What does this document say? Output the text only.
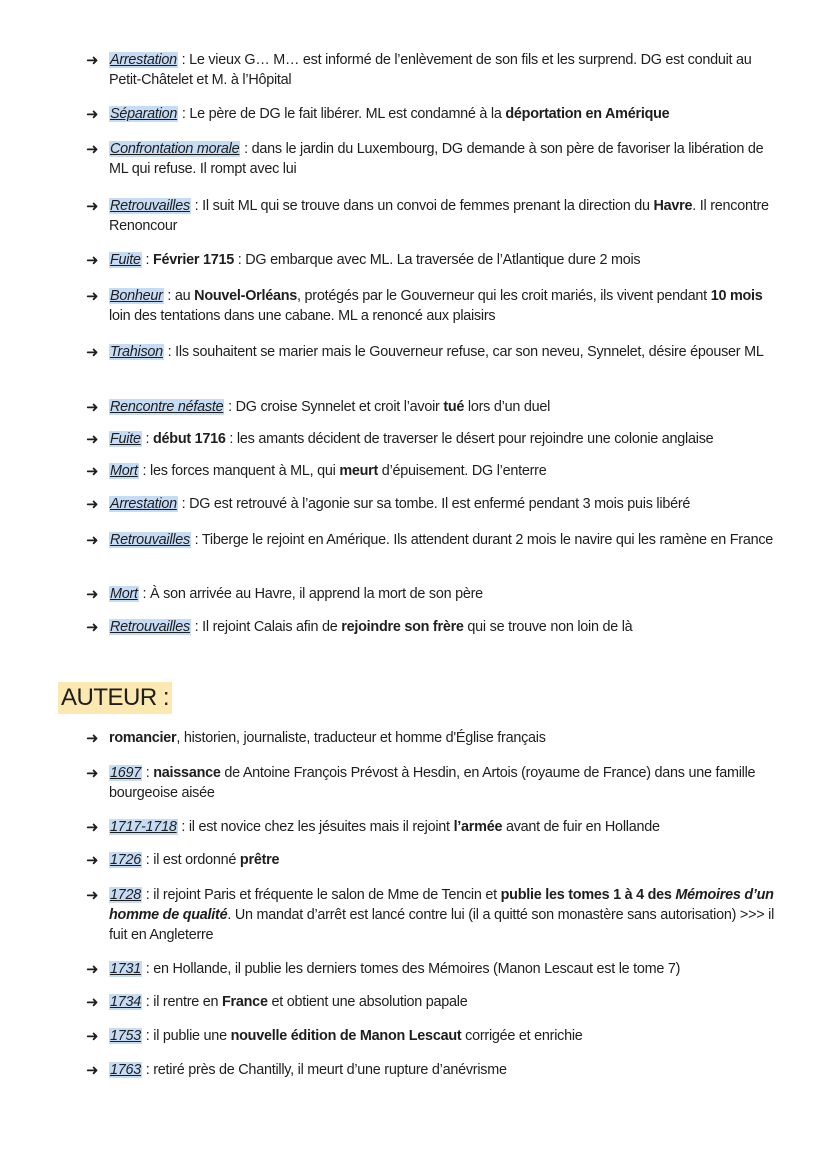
➜ Arrestation : Le vieux G… M… est informé de l’enlèvement de son fils et les surprend. DG est conduit au Petit-Châtelet et M. à l’Hôpital
➜ Séparation : Le père de DG le fait libérer. ML est condamné à la déportation en Amérique
➜ Confrontation morale : dans le jardin du Luxembourg, DG demande à son père de favoriser la libération de ML qui refuse. Il rompt avec lui
➜ Retrouvailles : Il suit ML qui se trouve dans un convoi de femmes prenant la direction du Havre. Il rencontre Renoncour
➜ Fuite : Février 1715 : DG embarque avec ML. La traversée de l’Atlantique dure 2 mois
➜ Bonheur : au Nouvel-Orléans, protégés par le Gouverneur qui les croit mariés, ils vivent pendant 10 mois loin des tentations dans une cabane. ML a renoncé aux plaisirs
➜ Trahison : Ils souhaitent se marier mais le Gouverneur refuse, car son neveu, Synnelet, désire épouser ML
➜ Rencontre néfaste : DG croise Synnelet et croit l’avoir tué lors d’un duel
➜ Fuite : début 1716 : les amants décident de traverser le désert pour rejoindre une colonie anglaise
➜ Mort : les forces manquent à ML, qui meurt d’épuisement. DG l’enterre
➜ Arrestation : DG est retrouvé à l’agonie sur sa tombe. Il est enfermé pendant 3 mois puis libéré
➜ Retrouvailles : Tiberge le rejoint en Amérique. Ils attendent durant 2 mois le navire qui les ramène en France
➜ Mort : À son arrivée au Havre, il apprend la mort de son père
➜ Retrouvailles : Il rejoint Calais afin de rejoindre son frère qui se trouve non loin de là
AUTEUR :
➜ romancier, historien, journaliste, traducteur et homme d'Église français
➜ 1697 : naissance de Antoine François Prévost à Hesdin, en Artois (royaume de France) dans une famille bourgeoise aisée
➜ 1717-1718 : il est novice chez les jésuites mais il rejoint l’armée avant de fuir en Hollande
➜ 1726 : il est ordonné prêtre
➜ 1728 : il rejoint Paris et fréquente le salon de Mme de Tencin et publie les tomes 1 à 4 des Mémoires d’un homme de qualité. Un mandat d’arrêt est lancé contre lui (il a quitté son monastère sans autorisation) >>> il fuit en Angleterre
➜ 1731 : en Hollande, il publie les derniers tomes des Mémoires (Manon Lescaut est le tome 7)
➜ 1734 : il rentre en France et obtient une absolution papale
➜ 1753 : il publie une nouvelle édition de Manon Lescaut corrigée et enrichie
➜ 1763 : retiré près de Chantilly, il meurt d’une rupture d’anévrisme
